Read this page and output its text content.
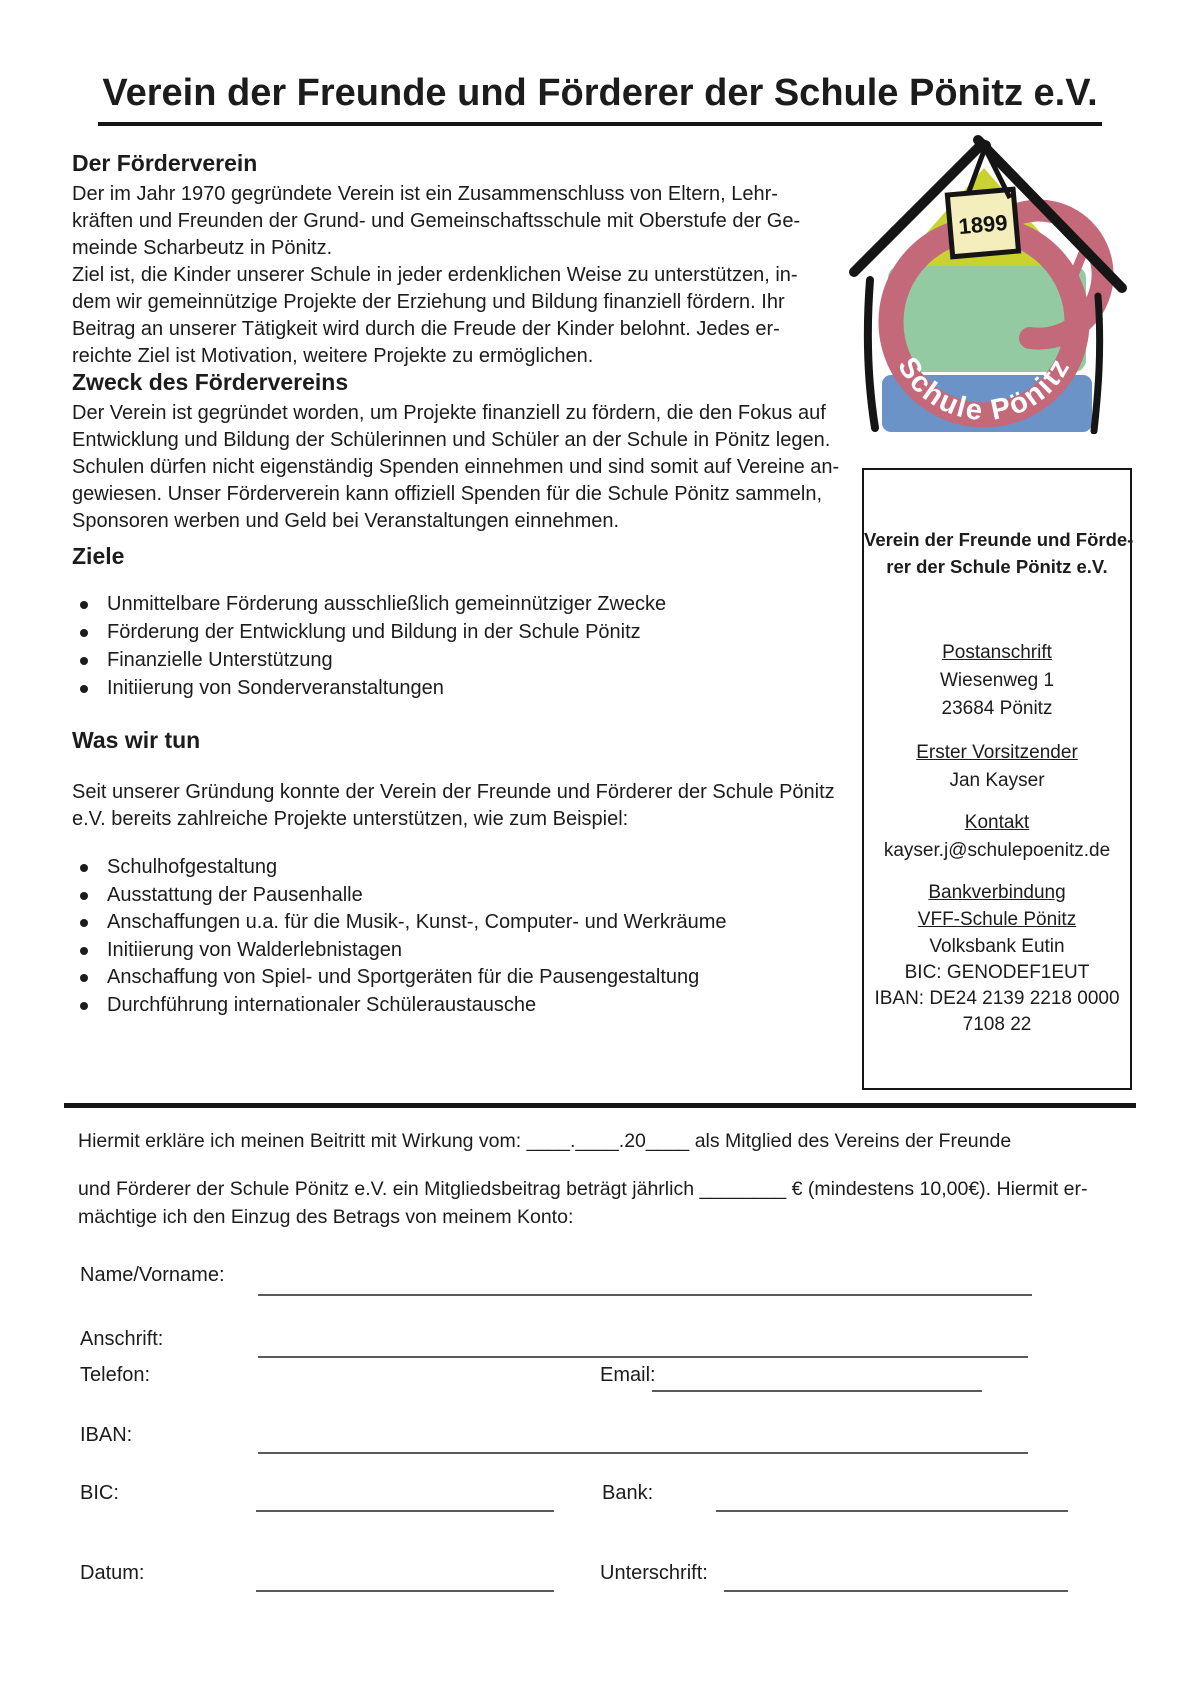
Verein der Freunde und Förderer der Schule Pönitz e.V.
Der Förderverein
Der im Jahr 1970 gegründete Verein ist ein Zusammenschluss von Eltern, Lehr-
kräften und Freunden der Grund- und Gemeinschaftsschule mit Oberstufe der Ge-
meinde Scharbeutz in Pönitz.
Ziel ist, die Kinder unserer Schule in jeder erdenklichen Weise zu unterstützen, in-
dem wir gemeinnützige Projekte der Erziehung und Bildung finanziell fördern. Ihr
Beitrag an unserer Tätigkeit wird durch die Freude der Kinder belohnt. Jedes er-
reichte Ziel ist Motivation, weitere Projekte zu ermöglichen.
Zweck des Fördervereins
Der Verein ist gegründet worden, um Projekte finanziell zu fördern, die den Fokus auf
Entwicklung und Bildung der Schülerinnen und Schüler an der Schule in Pönitz legen.
Schulen dürfen nicht eigenständig Spenden einnehmen und sind somit auf Vereine an-
gewiesen. Unser Förderverein kann offiziell Spenden für die Schule Pönitz sammeln,
Sponsoren werben und Geld bei Veranstaltungen einnehmen.
Ziele
Unmittelbare Förderung ausschließlich gemeinnütziger Zwecke
Förderung der Entwicklung und Bildung in der Schule Pönitz
Finanzielle Unterstützung
Initiierung von Sonderveranstaltungen
Was wir tun
Seit unserer Gründung konnte der Verein der Freunde und Förderer der Schule Pönitz
e.V. bereits zahlreiche Projekte unterstützen, wie zum Beispiel:
Schulhofgestaltung
Ausstattung der Pausenhalle
Anschaffungen u.a. für die Musik-, Kunst-, Computer- und Werkräume
Initiierung von Walderlebnistagen
Anschaffung von Spiel- und Sportgeräten für die Pausengestaltung
Durchführung internationaler Schüleraustausche
Schule Pönitz
1899
Verein der Freunde und Förde-
rer der Schule Pönitz e.V.
Postanschrift
Wiesenweg 1
23684 Pönitz
Erster Vorsitzender
Jan Kayser
Kontakt
kayser.j@schulepoenitz.de
Bankverbindung
VFF-Schule Pönitz
Volksbank Eutin
BIC: GENODEF1EUT
IBAN: DE24 2139 2218 0000
7108 22
Hiermit erkläre ich meinen Beitritt mit Wirkung vom: ____.____.20____ als Mitglied des Vereins der Freunde
und Förderer der Schule Pönitz e.V. ein Mitgliedsbeitrag beträgt jährlich ________ € (mindestens 10,00€). Hiermit er-
mächtige ich den Einzug des Betrags von meinem Konto:
Name/Vorname:
Anschrift:
Telefon:	Email:
IBAN:
BIC:	Bank:
Datum:	Unterschrift:
